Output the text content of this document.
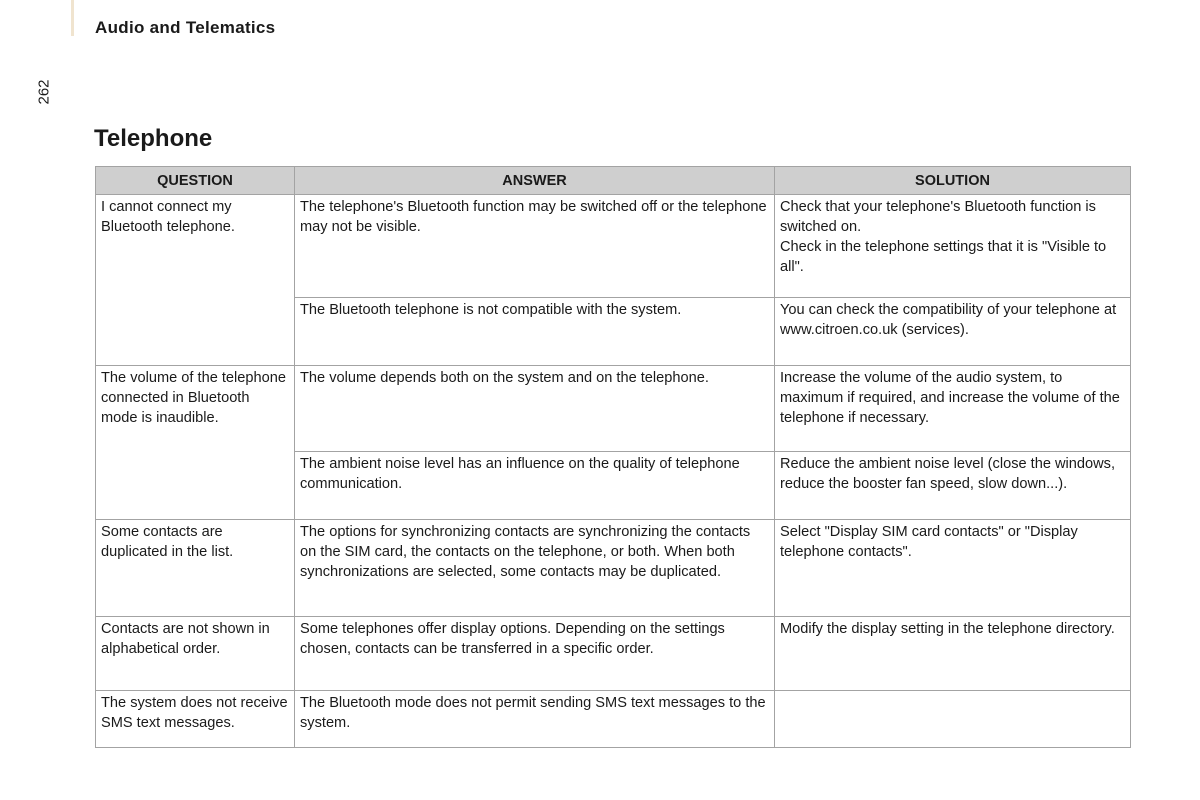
Audio and Telematics
262
Telephone
QUESTION	ANSWER	SOLUTION
I cannot connect my Bluetooth telephone.	The telephone's Bluetooth function may be switched off or the telephone may not be visible.	Check that your telephone's Bluetooth function is switched on.
Check in the telephone settings that it is "Visible to all".

	The Bluetooth telephone is not compatible with the system.	You can check the compatibility of your telephone at www.citroen.co.uk (services).

The volume of the telephone connected in Bluetooth mode is inaudible.	The volume depends both on the system and on the telephone.	Increase the volume of the audio system, to maximum if required, and increase the volume of the telephone if necessary.

	The ambient noise level has an influence on the quality of telephone communication.	Reduce the ambient noise level (close the windows, reduce the booster fan speed, slow down...).

Some contacts are duplicated in the list.	The options for synchronizing contacts are synchronizing the contacts on the SIM card, the contacts on the telephone, or both. When both synchronizations are selected, some contacts may be duplicated.	Select "Display SIM card contacts" or "Display telephone contacts".

Contacts are not shown in alphabetical order.	Some telephones offer display options. Depending on the settings chosen, contacts can be transferred in a specific order.	Modify the display setting in the telephone directory.

The system does not receive SMS text messages.	The Bluetooth mode does not permit sending SMS text messages to the system.	
